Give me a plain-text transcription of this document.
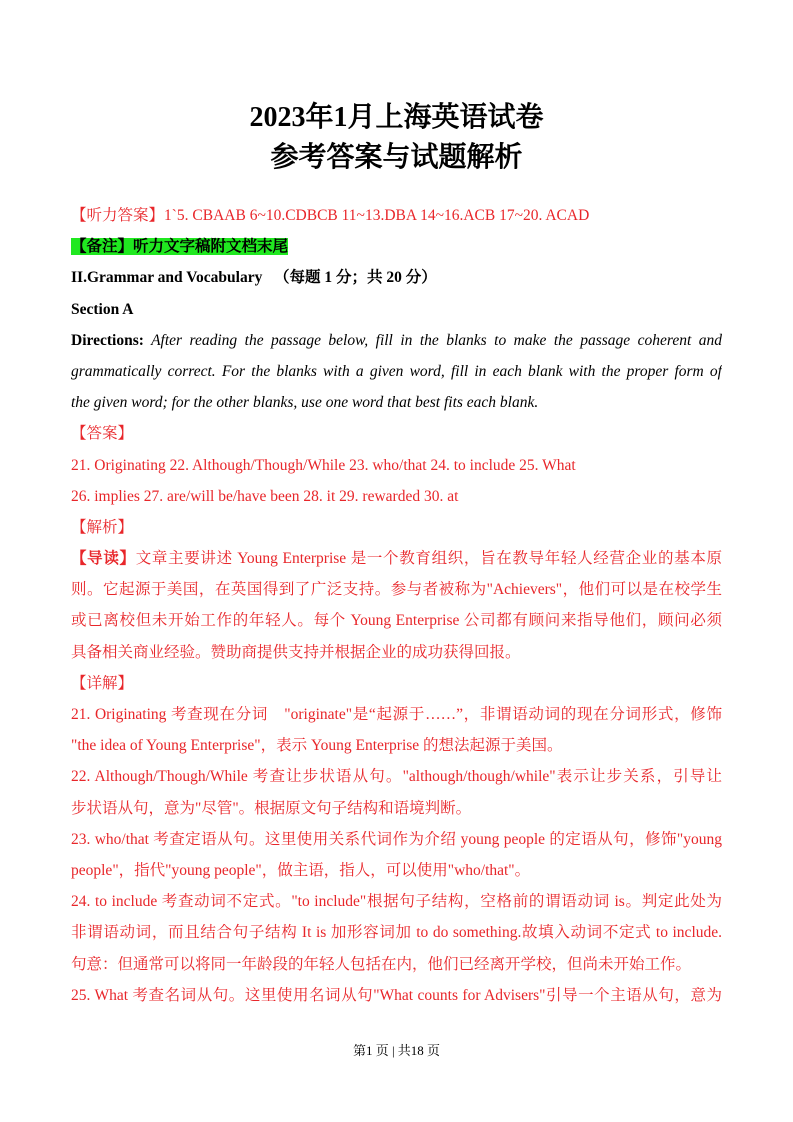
2023年1月上海英语试卷
参考答案与试题解析
【听力答案】1`5. CBAAB 6~10.CDBCB 11~13.DBA 14~16.ACB 17~20. ACAD
【备注】听力文字稿附文档末尾
II.Grammar and Vocabulary （每题 1 分；共 20 分）
Section A
Directions: After reading the passage below, fill in the blanks to make the passage coherent and
grammatically correct. For the blanks with a given word, fill in each blank with the proper form of
the given word; for the other blanks, use one word that best fits each blank.
【答案】
21. Originating 22. Although/Though/While 23. who/that 24. to include 25. What
26. implies 27. are/will be/have been 28. it 29. rewarded 30. at
【解析】
【导读】文章主要讲述 Young Enterprise 是一个教育组织，旨在教导年轻人经营企业的基本原
则。它起源于美国，在英国得到了广泛支持。参与者被称为"Achievers"，他们可以是在校学生
或已离校但未开始工作的年轻人。每个 Young Enterprise 公司都有顾问来指导他们，顾问必须
具备相关商业经验。赞助商提供支持并根据企业的成功获得回报。
【详解】
21. Originating 考查现在分词　"originate"是“起源于……”，非谓语动词的现在分词形式，修饰
"the idea of Young Enterprise"，表示 Young Enterprise 的想法起源于美国。
22. Although/Though/While 考查让步状语从句。"although/though/while"表示让步关系，引导让
步状语从句，意为"尽管"。根据原文句子结构和语境判断。
23. who/that 考查定语从句。这里使用关系代词作为介绍 young people 的定语从句，修饰"young
people"，指代"young people"，做主语，指人，可以使用"who/that"。
24. to include 考查动词不定式。"to include"根据句子结构，空格前的谓语动词 is。判定此处为
非谓语动词，而且结合句子结构 It is 加形容词加 to do something.故填入动词不定式 to include.
句意：但通常可以将同一年龄段的年轻人包括在内，他们已经离开学校，但尚未开始工作。
25. What 考查名词从句。这里使用名词从句"What counts for Advisers"引导一个主语从句，意为
第1 页 | 共18 页
